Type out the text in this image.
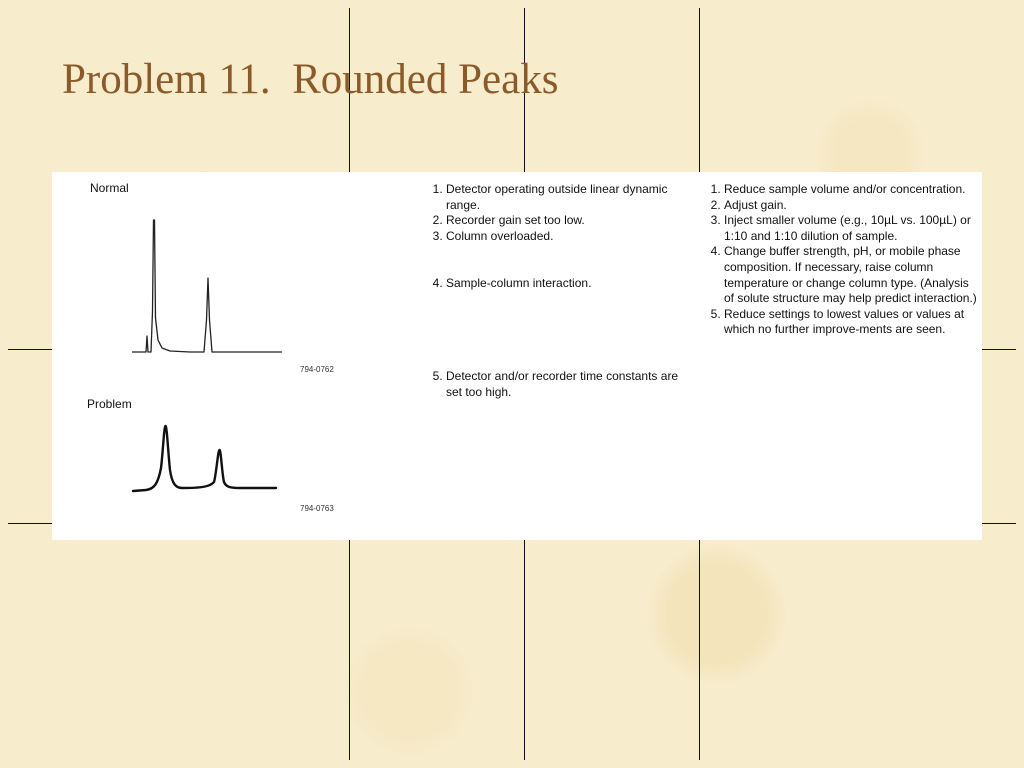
Problem 11.  Rounded Peaks
Normal
794-0762
Problem
794-0763
1. Detector operating outside linear dynamic range.
2. Recorder gain set too low.
3. Column overloaded.
4. Sample-column interaction.
5. Detector and/or recorder time constants are set too high.
1. Reduce sample volume and/or concentration.
2. Adjust gain.
3. Inject smaller volume (e.g., 10µL vs. 100µL) or 1:10 and 1:10 dilution of sample.
4. Change buffer strength, pH, or mobile phase composition. If necessary, raise column temperature or change column type. (Analysis of solute structure may help predict interaction.)
5. Reduce settings to lowest values or values at which no further improve-ments are seen.
